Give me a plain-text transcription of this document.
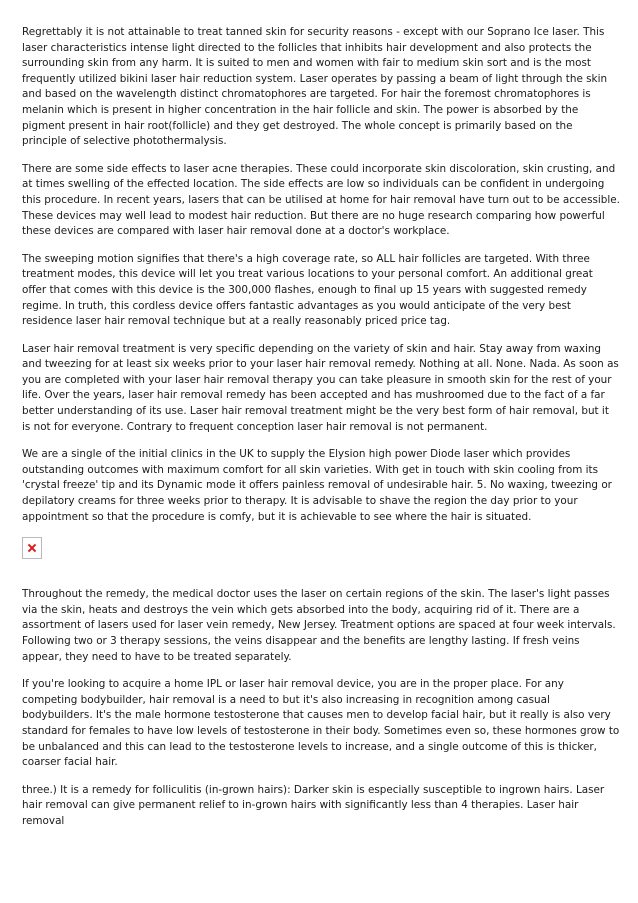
Regrettably it is not attainable to treat tanned skin for security reasons - except with our Soprano Ice laser. This laser characteristics intense light directed to the follicles that inhibits hair development and also protects the surrounding skin from any harm. It is suited to men and women with fair to medium skin sort and is the most frequently utilized bikini laser hair reduction system. Laser operates by passing a beam of light through the skin and based on the wavelength distinct chromatophores are targeted. For hair the foremost chromatophores is melanin which is present in higher concentration in the hair follicle and skin. The power is absorbed by the pigment present in hair root(follicle) and they get destroyed. The whole concept is primarily based on the principle of selective photothermalysis.

There are some side effects to laser acne therapies. These could incorporate skin discoloration, skin crusting, and at times swelling of the effected location. The side effects are low so individuals can be confident in undergoing this procedure. In recent years, lasers that can be utilised at home for hair removal have turn out to be accessible. These devices may well lead to modest hair reduction. But there are no huge research comparing how powerful these devices are compared with laser hair removal done at a doctor's workplace.

The sweeping motion signifies that there's a high coverage rate, so ALL hair follicles are targeted. With three treatment modes, this device will let you treat various locations to your personal comfort. An additional great offer that comes with this device is the 300,000 flashes, enough to final up 15 years with suggested remedy regime. In truth, this cordless device offers fantastic advantages as you would anticipate of the very best residence laser hair removal technique but at a really reasonably priced price tag.

Laser hair removal treatment is very specific depending on the variety of skin and hair. Stay away from waxing and tweezing for at least six weeks prior to your laser hair removal remedy. Nothing at all. None. Nada. As soon as you are completed with your laser hair removal therapy you can take pleasure in smooth skin for the rest of your life. Over the years, laser hair removal remedy has been accepted and has mushroomed due to the fact of a far better understanding of its use. Laser hair removal treatment might be the very best form of hair removal, but it is not for everyone. Contrary to frequent conception laser hair removal is not permanent.

We are a single of the initial clinics in the UK to supply the Elysion high power Diode laser which provides outstanding outcomes with maximum comfort for all skin varieties. With get in touch with skin cooling from its 'crystal freeze' tip and its Dynamic mode it offers painless removal of undesirable hair. 5. No waxing, tweezing or depilatory creams for three weeks prior to therapy. It is advisable to shave the region the day prior to your appointment so that the procedure is comfy, but it is achievable to see where the hair is situated.

Throughout the remedy, the medical doctor uses the laser on certain regions of the skin. The laser's light passes via the skin, heats and destroys the vein which gets absorbed into the body, acquiring rid of it. There are a assortment of lasers used for laser vein remedy, New Jersey. Treatment options are spaced at four week intervals. Following two or 3 therapy sessions, the veins disappear and the benefits are lengthy lasting. If fresh veins appear, they need to have to be treated separately.

If you're looking to acquire a home IPL or laser hair removal device, you are in the proper place. For any competing bodybuilder, hair removal is a need to but it's also increasing in recognition among casual bodybuilders. It's the male hormone testosterone that causes men to develop facial hair, but it really is also very standard for females to have low levels of testosterone in their body. Sometimes even so, these hormones grow to be unbalanced and this can lead to the testosterone levels to increase, and a single outcome of this is thicker, coarser facial hair.

three.) It is a remedy for folliculitis (in-grown hairs): Darker skin is especially susceptible to ingrown hairs. Laser hair removal can give permanent relief to in-grown hairs with significantly less than 4 therapies. Laser hair removal
